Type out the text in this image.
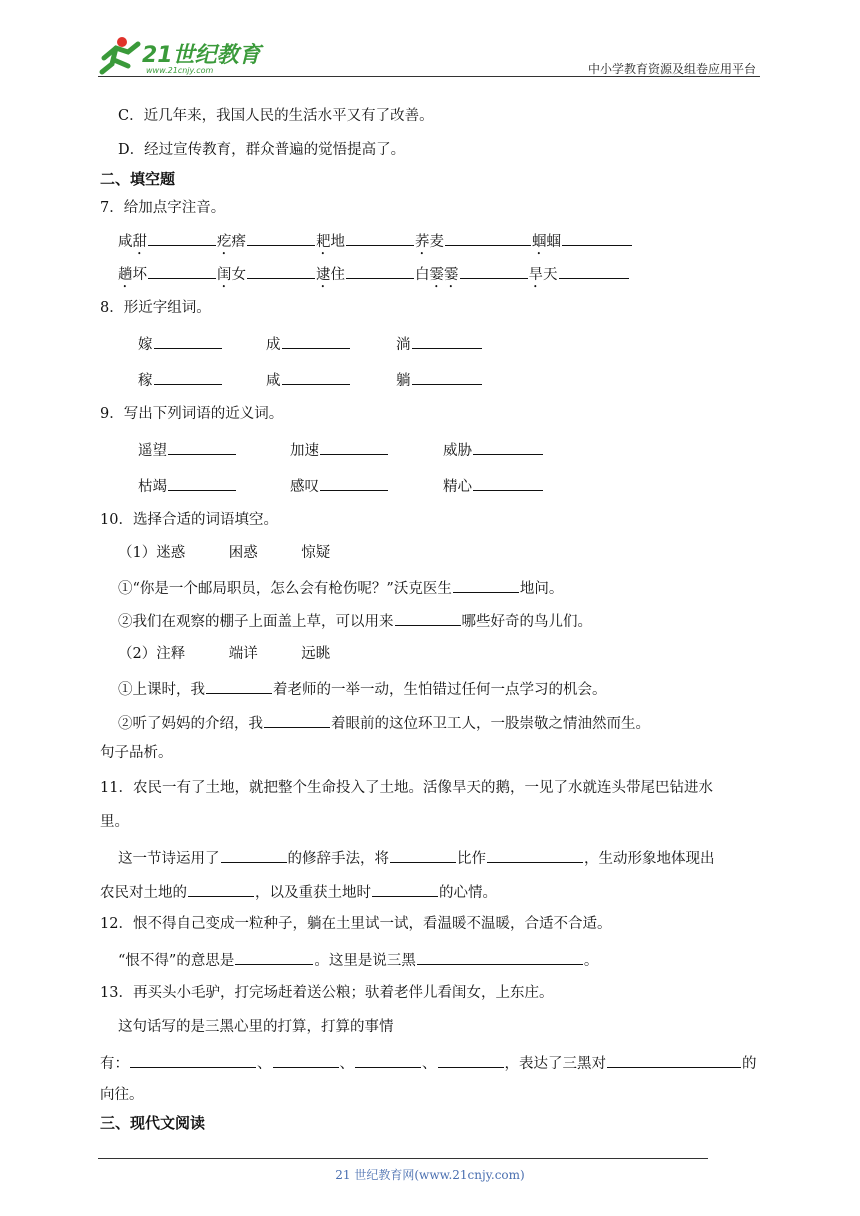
21世纪教育
www.21cnjy.com	中小学教育资源及组卷应用平台
C．近几年来，我国人民的生活水平又有了改善。
D．经过宣传教育，群众普遍的觉悟提高了。
二、填空题
7．给加点字注音。
咸甜	疙瘩	耙地	荞麦	蝈蝈
趟坏	闺女	逮住	白霎霎	旱天
8．形近字组词。
嫁	成	淌
稼	咸	躺
9．写出下列词语的近义词。
遥望	加速	威胁
枯竭	感叹	精心
10．选择合适的词语填空。
（1）迷惑　　　困惑　　　惊疑
①“你是一个邮局职员，怎么会有枪伤呢？”沃克医生	地问。
②我们在观察的棚子上面盖上草，可以用来	哪些好奇的鸟儿们。
（2）注释　　　端详　　　远眺
①上课时，我	着老师的一举一动，生怕错过任何一点学习的机会。
②听了妈妈的介绍，我	着眼前的这位环卫工人，一股崇敬之情油然而生。
句子品析。
11．农民一有了土地，就把整个生命投入了土地。活像旱天的鹅，一见了水就连头带尾巴钻进水
里。
这一节诗运用了	的修辞手法，将	比作	，生动形象地体现出
农民对土地的	，以及重获土地时	的心情。
12．恨不得自己变成一粒种子，躺在土里试一试，看温暖不温暖，合适不合适。
“恨不得”的意思是	。这里是说三黑	。
13．再买头小毛驴，打完场赶着送公粮；驮着老伴儿看闺女，上东庄。
这句话写的是三黑心里的打算，打算的事情
有：	、	、	、	，表达了三黑对	的
向往。
三、现代文阅读
21 世纪教育网(www.21cnjy.com)
